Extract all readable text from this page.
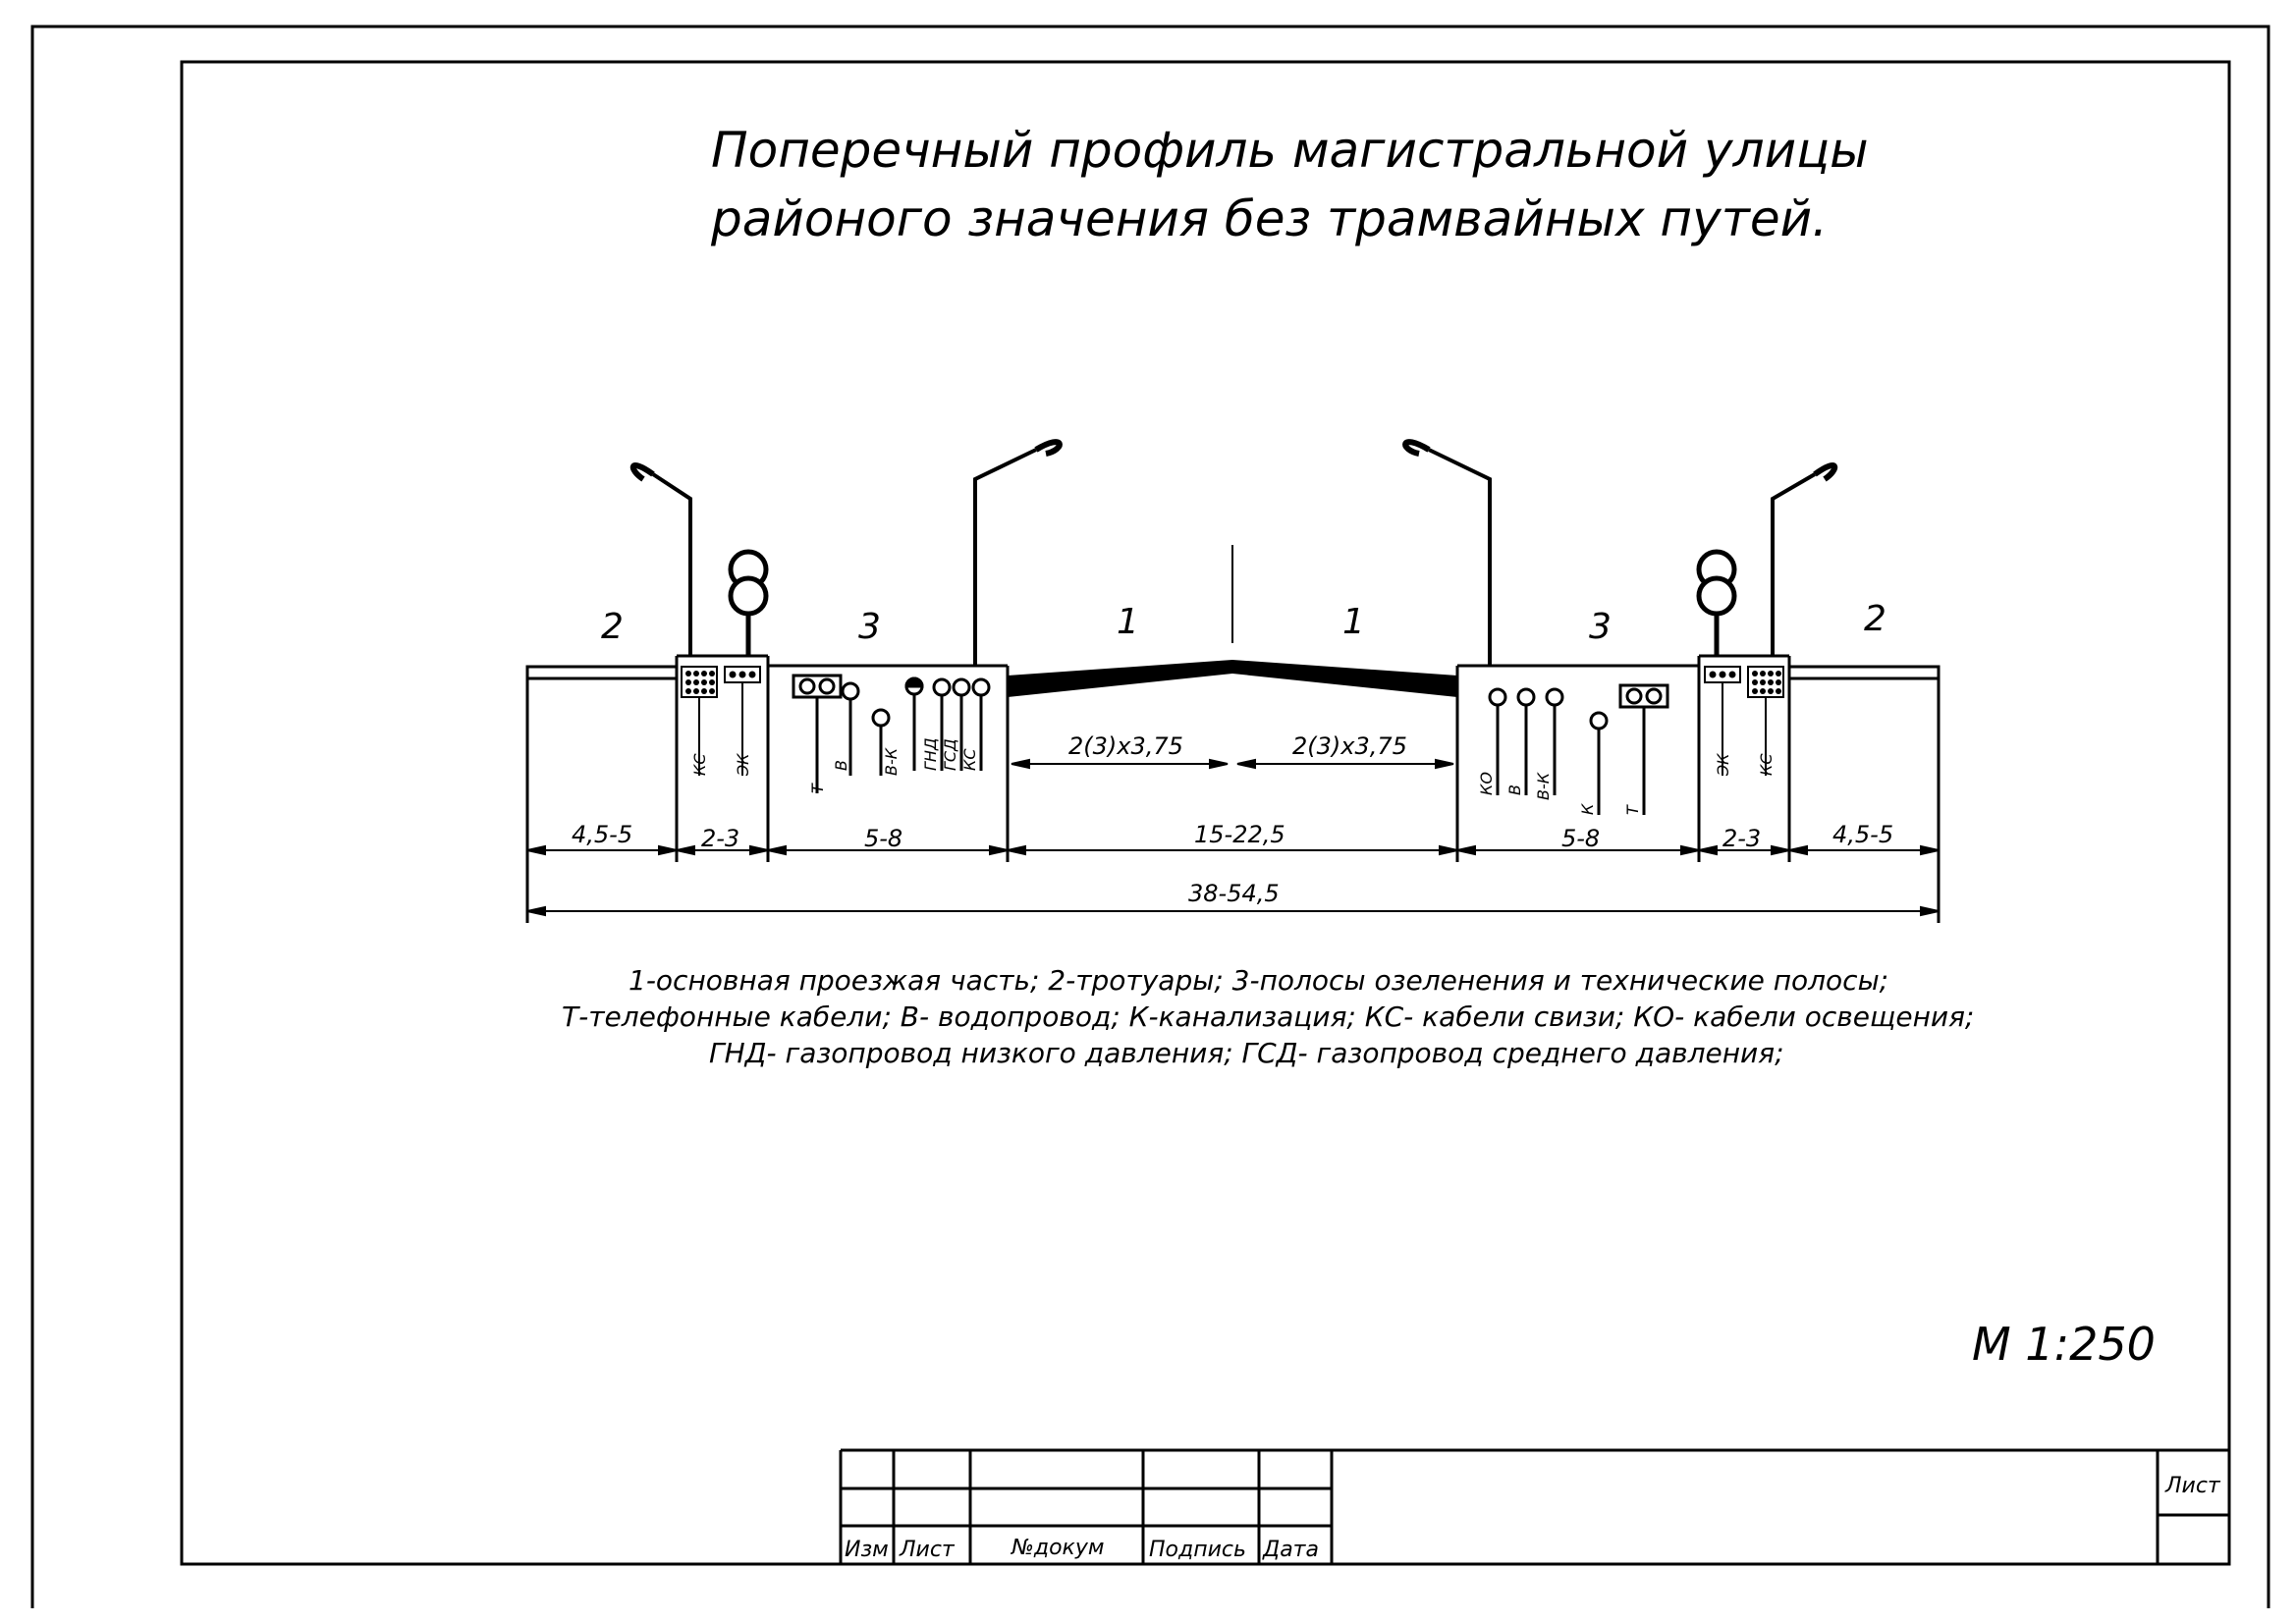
Поперечный профиль магистральной улицы
районого значения без трамвайных путей.
2	3	1	1	3	2
КС ЭК	ЭК КС
Т
В В-К ГНД ГСД КС
КО В В-К
К Т
2(3)x3,75	2(3)x3,75
4,5-5	2-3	5-8	15-22,5	5-8	2-3	4,5-5
38-54,5
1-основная проезжая часть; 2-тротуары; 3-полосы озеленения и технические полосы;
Т-телефонные кабели; В- водопровод; К-канализация; КС- кабели свизи; КО- кабели освещения;
ГНД- газопровод низкого давления; ГСД- газопровод среднего давления;
М 1:250
Изм Лист	№докум Подпись Дата
Лист
